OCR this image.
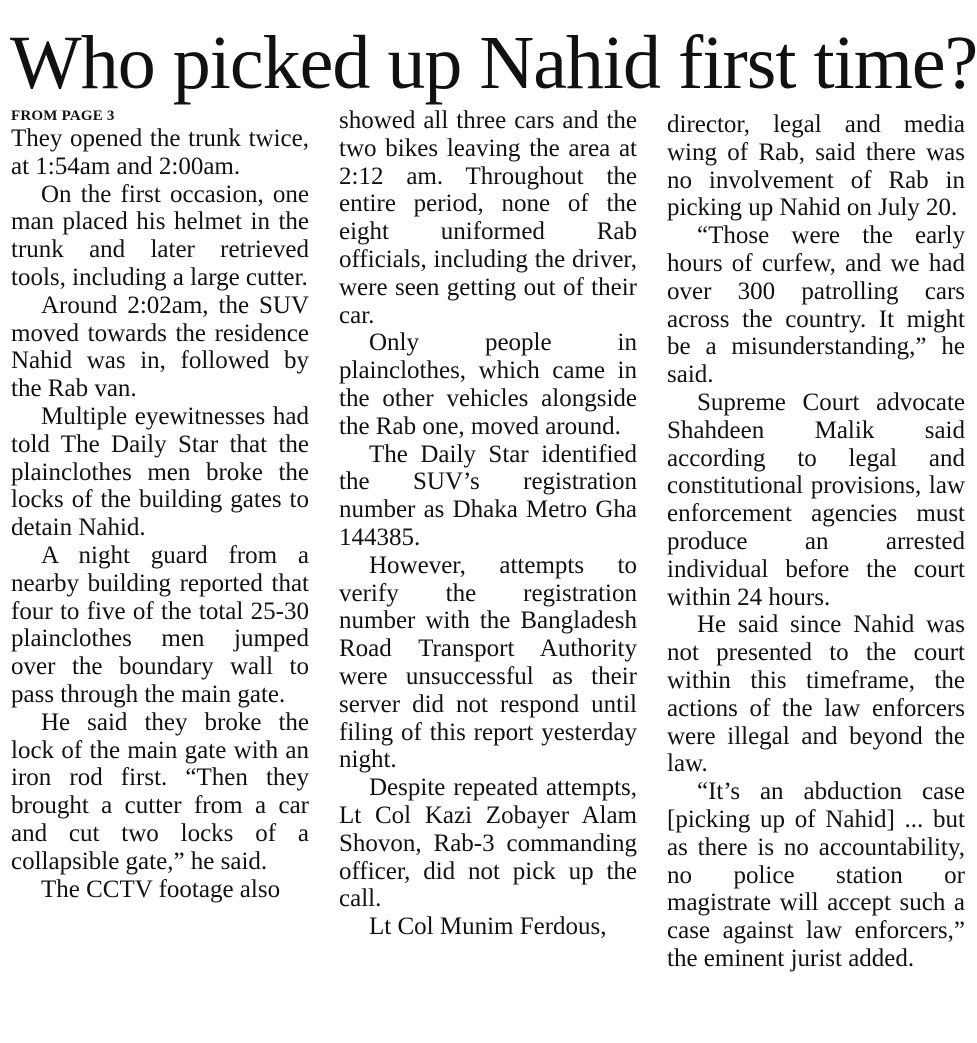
Who picked up Nahid first time?
FROM PAGE 3

They opened the trunk twice, at 1:54am and 2:00am.

On the first occasion, one man placed his helmet in the trunk and later retrieved tools, including a large cutter.

Around 2:02am, the SUV moved towards the residence Nahid was in, followed by the Rab van.

Multiple eyewitnesses had told The Daily Star that the plainclothes men broke the locks of the building gates to detain Nahid.

A night guard from a nearby building reported that four to five of the total 25-30 plainclothes men jumped over the boundary wall to pass through the main gate.

He said they broke the lock of the main gate with an iron rod first. “Then they brought a cutter from a car and cut two locks of a collapsible gate,” he said.

The CCTV footage also

showed all three cars and the two bikes leaving the area at 2:12 am. Throughout the entire period, none of the eight uniformed Rab officials, including the driver, were seen getting out of their car.

Only people in plainclothes, which came in the other vehicles alongside the Rab one, moved around.

The Daily Star identified the SUV’s registration number as Dhaka Metro Gha 144385.

However, attempts to verify the registration number with the Bangladesh Road Transport Authority were unsuccessful as their server did not respond until filing of this report yesterday night.

Despite repeated attempts, Lt Col Kazi Zobayer Alam Shovon, Rab-3 commanding officer, did not pick up the call.

Lt Col Munim Ferdous,

director, legal and media wing of Rab, said there was no involvement of Rab in picking up Nahid on July 20.

“Those were the early hours of curfew, and we had over 300 patrolling cars across the country. It might be a misunderstanding,” he said.

Supreme Court advocate Shahdeen Malik said according to legal and constitutional provisions, law enforcement agencies must produce an arrested individual before the court within 24 hours.

He said since Nahid was not presented to the court within this timeframe, the actions of the law enforcers were illegal and beyond the law.

“It’s an abduction case [picking up of Nahid] ... but as there is no accountability, no police station or magistrate will accept such a case against law enforcers,” the eminent jurist added.
